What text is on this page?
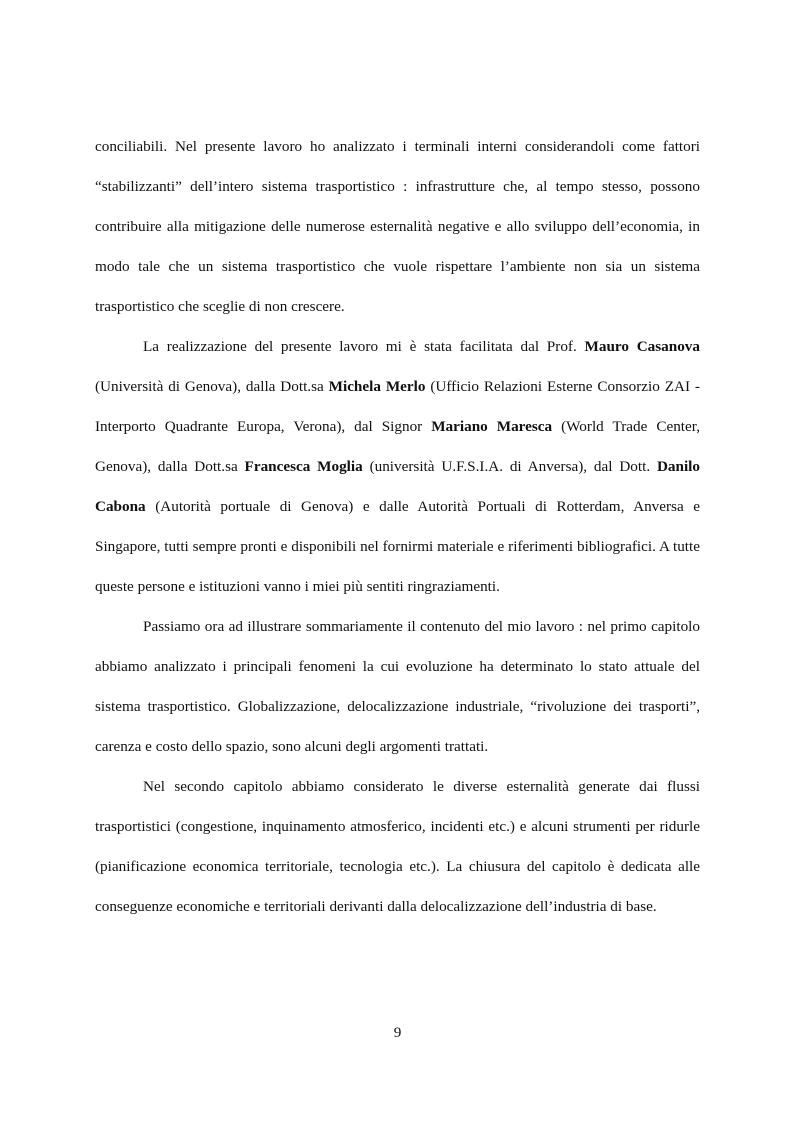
conciliabili. Nel presente lavoro ho analizzato i terminali interni considerandoli come fattori “stabilizzanti” dell’intero sistema trasportistico : infrastrutture che, al tempo stesso, possono contribuire alla mitigazione delle numerose esternalità negative e allo sviluppo dell’economia, in modo tale che un sistema trasportistico che vuole rispettare l’ambiente non sia un sistema trasportistico che sceglie di non crescere.

La realizzazione del presente lavoro mi è stata facilitata dal Prof. Mauro Casanova (Università di Genova), dalla Dott.sa Michela Merlo (Ufficio Relazioni Esterne Consorzio ZAI - Interporto Quadrante Europa, Verona), dal Signor Mariano Maresca (World Trade Center, Genova), dalla Dott.sa Francesca Moglia (università U.F.S.I.A. di Anversa), dal Dott. Danilo Cabona (Autorità portuale di Genova) e dalle Autorità Portuali di Rotterdam, Anversa e Singapore, tutti sempre pronti e disponibili nel fornirmi materiale e riferimenti bibliografici. A tutte queste persone e istituzioni vanno i miei più sentiti ringraziamenti.

Passiamo ora ad illustrare sommariamente il contenuto del mio lavoro : nel primo capitolo abbiamo analizzato i principali fenomeni la cui evoluzione ha determinato lo stato attuale del sistema trasportistico. Globalizzazione, delocalizzazione industriale, “rivoluzione dei trasporti”, carenza e costo dello spazio, sono alcuni degli argomenti trattati.

Nel secondo capitolo abbiamo considerato le diverse esternalità generate dai flussi trasportistici (congestione, inquinamento atmosferico, incidenti etc.) e alcuni strumenti per ridurle (pianificazione economica territoriale, tecnologia etc.). La chiusura del capitolo è dedicata alle conseguenze economiche e territoriali derivanti dalla delocalizzazione dell’industria di base.

9
